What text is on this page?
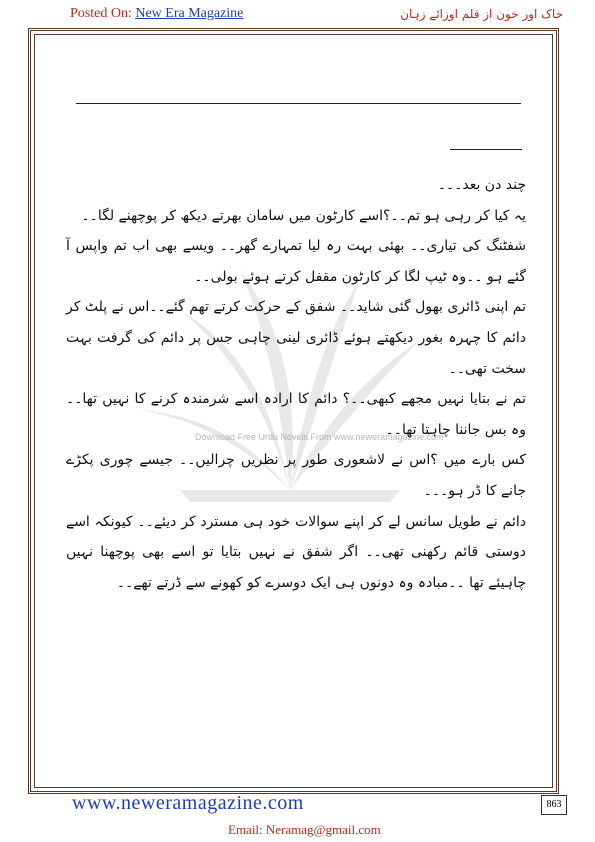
Posted On: New Era Magazine	خاک اور خون از قلم اوزائے زہان
Download Free Urdu Novels From www.neweramagazine.com

چند دن بعد۔۔۔

یہ کیا کر رہی ہو تم۔۔؟اسے کارٹون میں سامان بھرتے دیکھ کر پوچھنے لگا۔۔

شفٹنگ کی تیاری۔۔ بھئی بہت رہ لیا تمہارے گھر۔۔ ویسے بھی اب تم واپس آ گئے ہو ۔۔وہ ٹیپ لگا کر کارٹون مقفل کرتے ہوئے بولی۔۔

تم اپنی ڈائری بھول گئی شاید۔۔ شفق کے حرکت کرتے تھم گئے۔۔اس نے پلٹ کر دائم کا چہرہ بغور دیکھتے ہوئے ڈائری لینی چاہی جس پر دائم کی گرفت بہت سخت تھی۔۔

تم نے بتایا نہیں مجھے کبھی۔۔؟ دائم کا ارادہ اسے شرمندہ کرنے کا نہیں تھا۔۔ وہ بس جاننا چاہتا تھا۔۔

کس بارے میں ؟اس نے لاشعوری طور پر نظریں چرالیں۔۔ جیسے چوری پکڑے جانے کا ڈر ہو۔۔۔

دائم نے طویل سانس لے کر اپنے سوالات خود ہی مسترد کر دیئے۔۔ کیونکہ اسے دوستی قائم رکھنی تھی۔۔ اگر شفق نے نہیں بتایا تو اسے بھی پوچھنا نہیں چاہیئے تھا ۔۔مبادہ وہ دونوں ہی ایک دوسرے کو کھونے سے ڈرتے تھے۔۔

www.neweramagazine.com	863
Email: Neramag@gmail.com
